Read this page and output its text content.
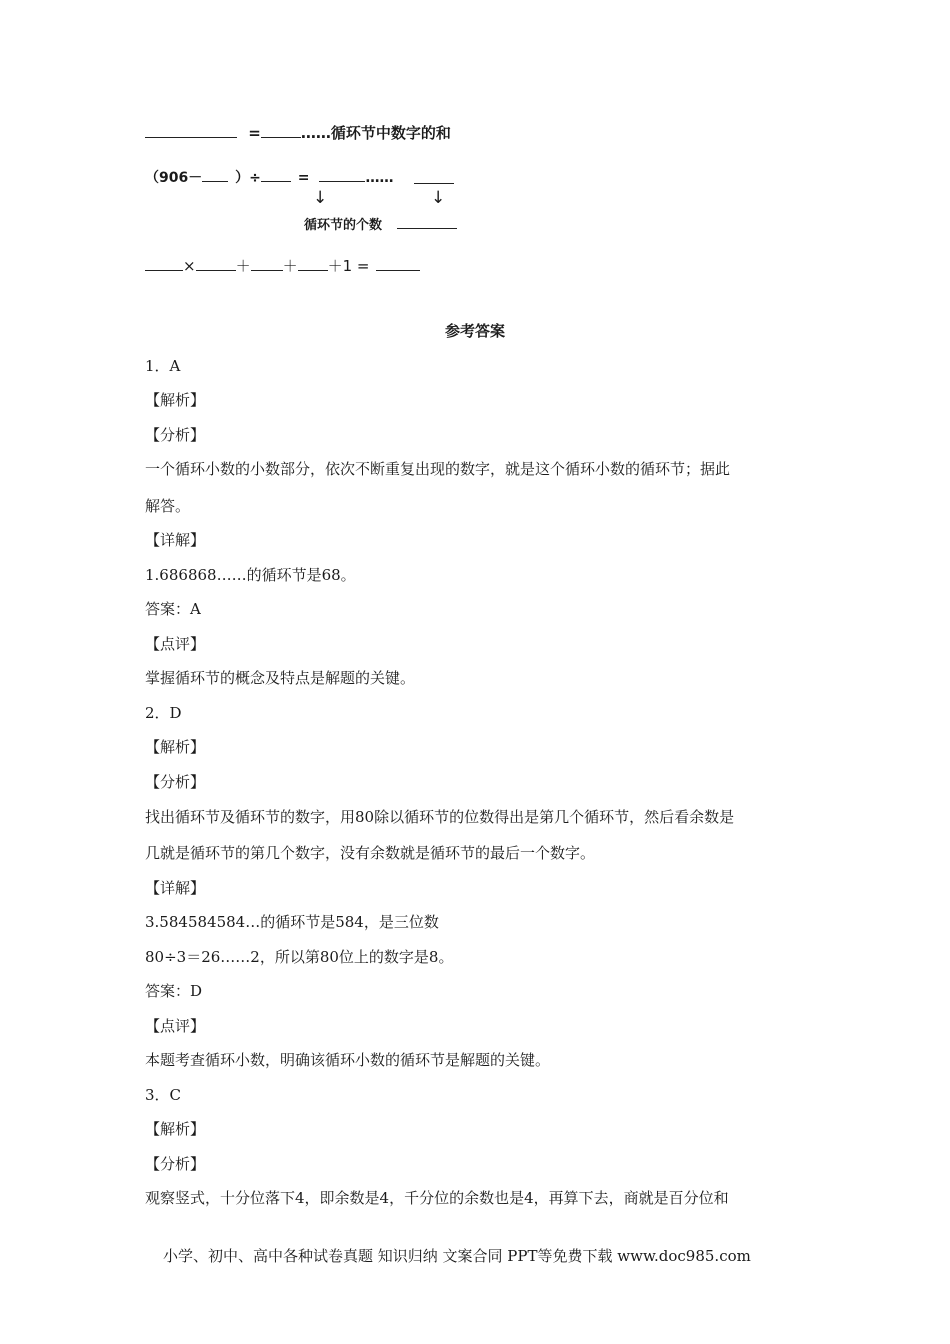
=	……循环节中数字的和
（906－ ）÷	=	……
↓	↓
循环节的个数
×	＋ ＋ ＋1 =
参考答案
1．A
【解析】
【分析】
一个循环小数的小数部分，依次不断重复出现的数字，就是这个循环小数的循环节；据此
解答。
【详解】
1.686868……的循环节是68。
答案：A
【点评】
掌握循环节的概念及特点是解题的关键。
2．D
【解析】
【分析】
找出循环节及循环节的数字，用80除以循环节的位数得出是第几个循环节，然后看余数是
几就是循环节的第几个数字，没有余数就是循环节的最后一个数字。
【详解】
3.584584584…的循环节是584，是三位数
80÷3＝26……2，所以第80位上的数字是8。
答案：D
【点评】
本题考查循环小数，明确该循环小数的循环节是解题的关键。
3．C
【解析】
【分析】
观察竖式，十分位落下4，即余数是4，千分位的余数也是4，再算下去，商就是百分位和
小学、初中、高中各种试卷真题 知识归纳 文案合同 PPT等免费下载 www.doc985.com
